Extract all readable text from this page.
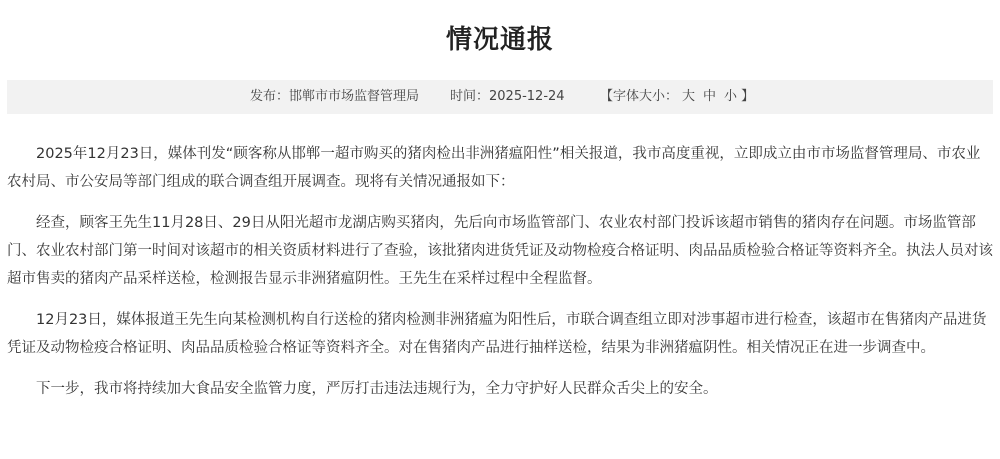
情况通报
发布：邯郸市市场监督管理局 时间：2025-12-24	【字体大小： 大 中 小 】

2025年12月23日，媒体刊发“顾客称从邯郸一超市购买的猪肉检出非洲猪瘟阳性”相关报道，我市高度重视，立即成立由市市场监督管理局、市农业农村局、市公安局等部门组成的联合调查组开展调查。现将有关情况通报如下：

经查，顾客王先生11月28日、29日从阳光超市龙湖店购买猪肉，先后向市场监管部门、农业农村部门投诉该超市销售的猪肉存在问题。市场监管部门、农业农村部门第一时间对该超市的相关资质材料进行了查验，该批猪肉进货凭证及动物检疫合格证明、肉品品质检验合格证等资料齐全。执法人员对该超市售卖的猪肉产品采样送检，检测报告显示非洲猪瘟阴性。王先生在采样过程中全程监督。

12月23日，媒体报道王先生向某检测机构自行送检的猪肉检测非洲猪瘟为阳性后，市联合调查组立即对涉事超市进行检查，该超市在售猪肉产品进货凭证及动物检疫合格证明、肉品品质检验合格证等资料齐全。对在售猪肉产品进行抽样送检，结果为非洲猪瘟阴性。相关情况正在进一步调查中。

下一步，我市将持续加大食品安全监管力度，严厉打击违法违规行为，全力守护好人民群众舌尖上的安全。
